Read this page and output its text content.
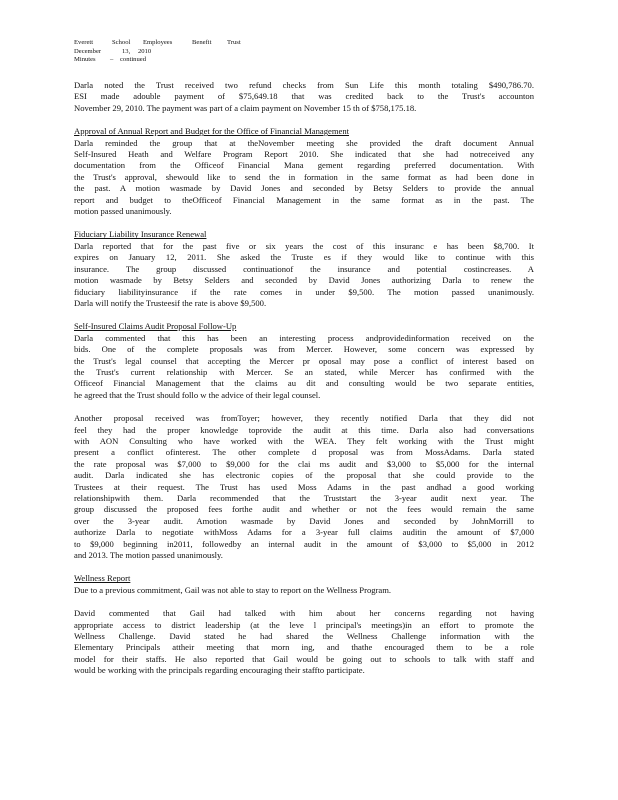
Everett	School Employees	Benefit Trust
December	13, 2010
Minutes – continued
Darla noted the Trust received two refund checks from Sun Life this month totaling $490,786.70.
ESI made adouble payment of $75,649.18 that was credited back to the Trust's accounton
November 29, 2010. The payment was part of a claim payment on November 15 th of $758,175.18.
Approval of Annual Report and Budget for the Office of Financial Management
Darla reminded the group that at theNovember meeting she provided the draft document Annual
Self-Insured Heath and Welfare Program Report 2010. She indicated that she had notreceived any
documentation from the Officeof Financial Mana gement regarding preferred documentation. With
the Trust's approval, shewould like to send the in formation in the same format as had been done in
the past. A motion wasmade by David Jones and seconded by Betsy Selders to provide the annual
report and budget to theOfficeof Financial Management in the same format as in the past. The
motion passed unanimously.
Fiduciary Liability Insurance Renewal
Darla reported that for the past five or six years the cost of this insuranc e has been $8,700. It
expires on January 12, 2011. She asked the Truste es if they would like to continue with this
insurance. The group discussed continuationof the insurance and potential costincreases. A
motion wasmade by Betsy Selders and seconded by David Jones authorizing Darla to renew the
fiduciary liabilityinsurance if the rate comes in under $9,500. The motion passed unanimously.
Darla will notify the Trusteesif the rate is above $9,500.
Self-Insured Claims Audit Proposal Follow-Up
Darla commented that this has been an interesting process andprovidedinformation received on the
bids. One of the complete proposals was from Mercer. However, some concern was expressed by
the Trust's legal counsel that accepting the Mercer pr oposal may pose a conflict of interest based on
the Trust's current relationship with Mercer. Se an stated, while Mercer has confirmed with the
Officeof Financial Management that the claims au dit and consulting would be two separate entities,
he agreed that the Trust should follo w the advice of their legal counsel.
Another proposal received was fromToyer; however, they recently notified Darla that they did not
feel they had the proper knowledge toprovide the audit at this time. Darla also had conversations
with AON Consulting who have worked with the WEA. They felt working with the Trust might
present a conflict ofinterest. The other complete d proposal was from MossAdams. Darla stated
the rate proposal was $7,000 to $9,000 for the clai ms audit and $3,000 to $5,000 for the internal
audit. Darla indicated she has electronic copies of the proposal that she could provide to the
Trustees at their request. The Trust has used Moss Adams in the past andhad a good working
relationshipwith them. Darla recommended that the Truststart the 3-year audit next year. The
group discussed the proposed fees forthe audit and whether or not the fees would remain the same
over the 3-year audit. Amotion wasmade by David Jones and seconded by JohnMorrill to
authorize Darla to negotiate withMoss Adams for a 3-year full claims auditin the amount of $7,000
to $9,000 beginning in2011, followedby an internal audit in the amount of $3,000 to $5,000 in 2012
and 2013. The motion passed unanimously.
Wellness Report
Due to a previous commitment, Gail was not able to stay to report on the Wellness Program.
David commented that Gail had talked with him about her concerns regarding not having
appropriate access to district leadership (at the leve l principal's meetings)in an effort to promote the
Wellness Challenge. David stated he had shared the Wellness Challenge information with the
Elementary Principals attheir meeting that morn ing, and thathe encouraged them to be a role
model for their staffs. He also reported that Gail would be going out to schools to talk with staff and
would be working with the principals regarding encouraging their staffto participate.
